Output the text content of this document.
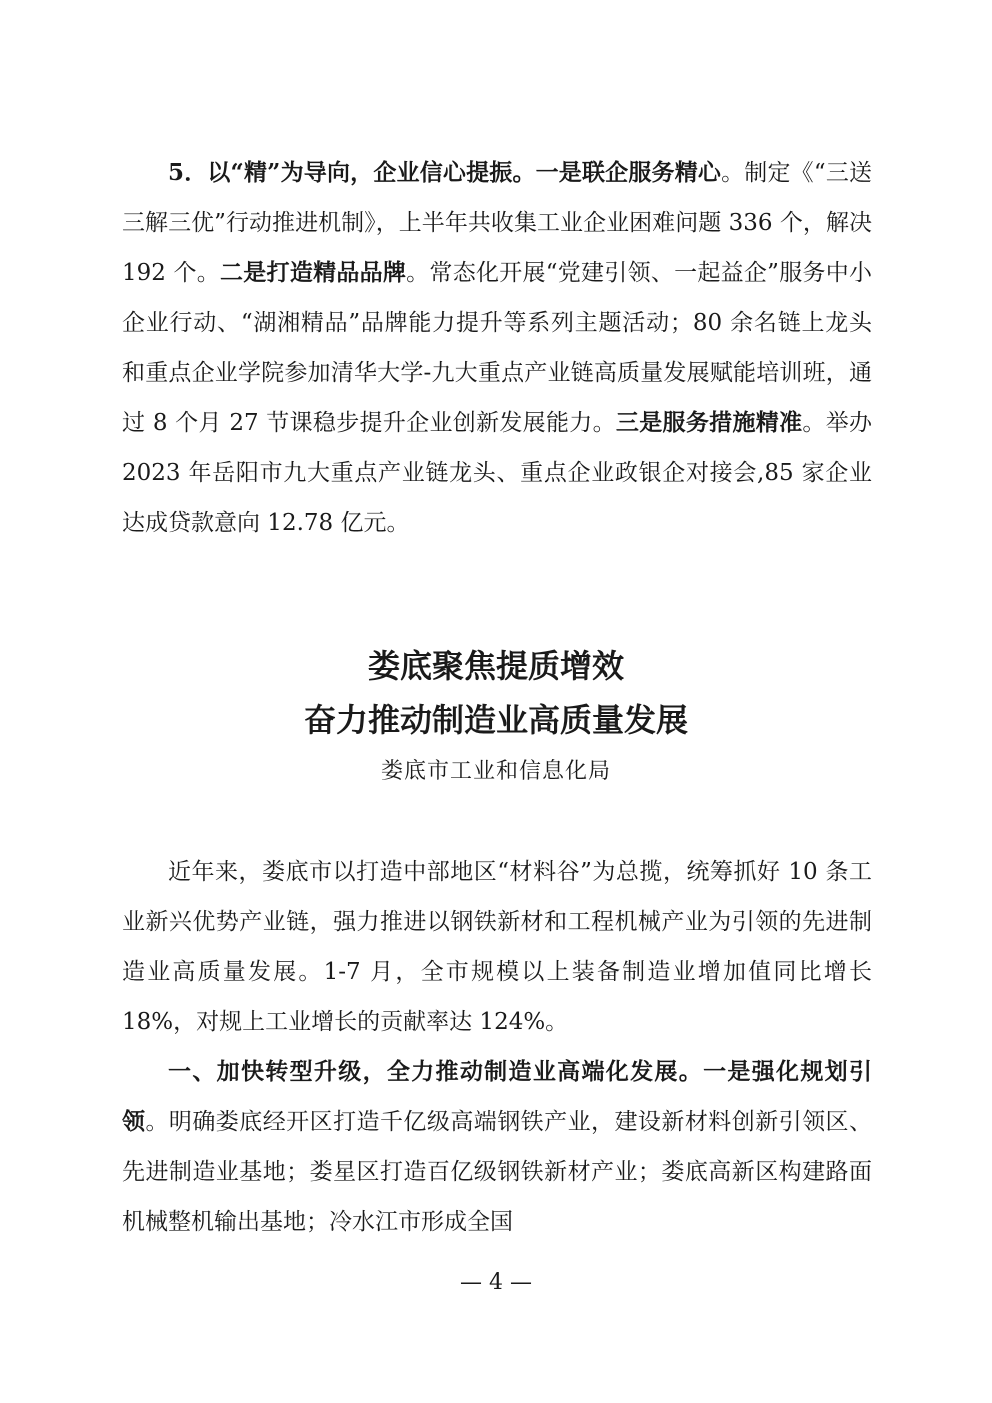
5．以“精”为导向，企业信心提振。一是联企服务精心。制定《“三送三解三优”行动推进机制》，上半年共收集工业企业困难问题 336 个，解决 192 个。二是打造精品品牌。常态化开展“党建引领、一起益企”服务中小企业行动、“湖湘精品”品牌能力提升等系列主题活动；80 余名链上龙头和重点企业学院参加清华大学-九大重点产业链高质量发展赋能培训班，通过 8 个月 27 节课稳步提升企业创新发展能力。三是服务措施精准。举办 2023 年岳阳市九大重点产业链龙头、重点企业政银企对接会,85 家企业达成贷款意向 12.78 亿元。
娄底聚焦提质增效
奋力推动制造业高质量发展
娄底市工业和信息化局
近年来，娄底市以打造中部地区“材料谷”为总揽，统筹抓好 10 条工业新兴优势产业链，强力推进以钢铁新材和工程机械产业为引领的先进制造业高质量发展。1-7 月，全市规模以上装备制造业增加值同比增长 18%，对规上工业增长的贡献率达 124%。
一、加快转型升级，全力推动制造业高端化发展。一是强化规划引领。明确娄底经开区打造千亿级高端钢铁产业，建设新材料创新引领区、先进制造业基地；娄星区打造百亿级钢铁新材产业；娄底高新区构建路面机械整机输出基地；冷水江市形成全国
— 4 —
